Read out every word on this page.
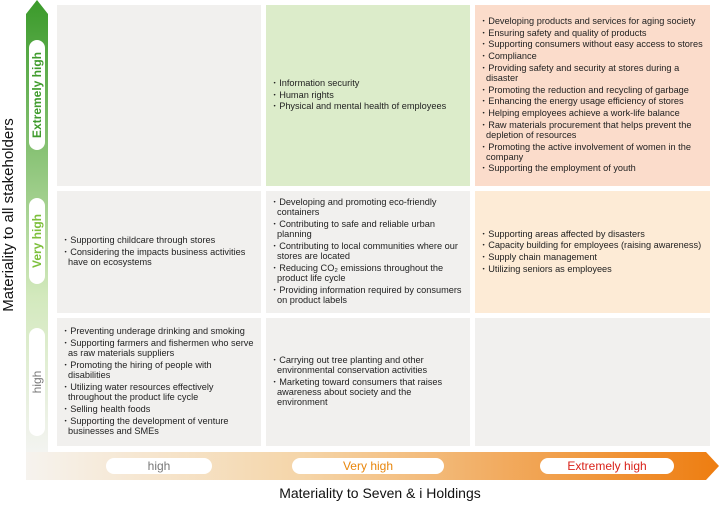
Materiality to all stakeholders
Extremely high
Very high
high
high	Very high	Extremely high
Materiality to Seven & i Holdings
・ Information security
・ Human rights
・ Physical and mental health of employees
・ Developing products and services for aging society
・ Ensuring safety and quality of products
・ Supporting consumers without easy access to stores
・ Compliance
・ Providing safety and security at stores during a disaster
・ Promoting the reduction and recycling of garbage
・ Enhancing the energy usage efficiency of stores
・ Helping employees achieve a work-life balance
・ Raw materials procurement that helps prevent the depletion of resources
・ Promoting the active involvement of women in the company
・ Supporting the employment of youth
・ Supporting childcare through stores
・ Considering the impacts business activities have on ecosystems
・ Developing and promoting eco-friendly containers
・ Contributing to safe and reliable urban planning
・ Contributing to local communities where our stores are located
・ Reducing CO₂ emissions throughout the product life cycle
・ Providing information required by consumers on product labels
・ Supporting areas affected by disasters
・ Capacity building for employees (raising awareness)
・ Supply chain management
・ Utilizing seniors as employees
・ Preventing underage drinking and smoking
・ Supporting farmers and fishermen who serve as raw materials suppliers
・ Promoting the hiring of people with disabilities
・ Utilizing water resources effectively throughout the product life cycle
・ Selling health foods
・ Supporting the development of venture businesses and SMEs
・ Carrying out tree planting and other environmental conservation activities
・ Marketing toward consumers that raises awareness about society and the environment
